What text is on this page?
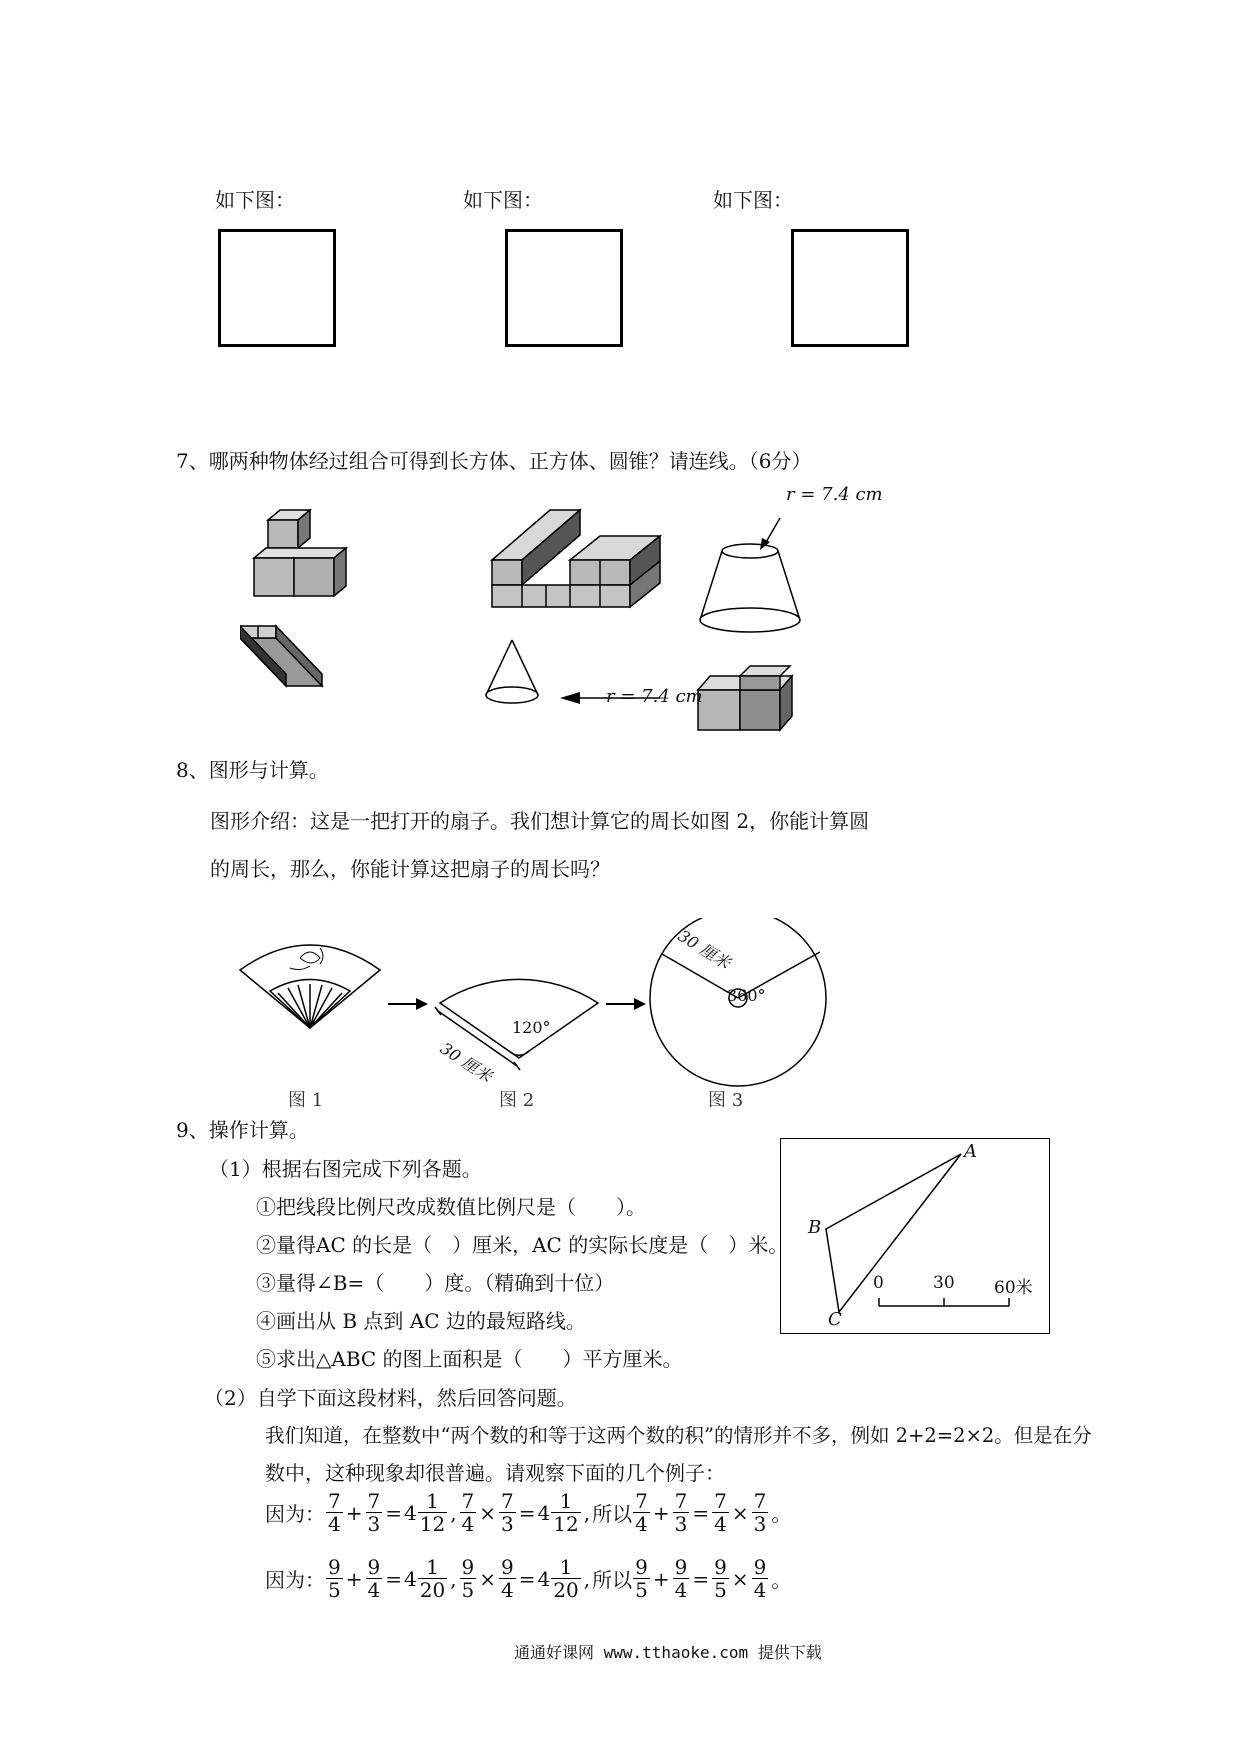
如下图：	如下图：	如下图：
7、哪两种物体经过组合可得到长方体、正方体、圆锥？请连线。（6分）
r = 7.4 cm
r = 7.4 cm
8、图形与计算。
图形介绍：这是一把打开的扇子。我们想计算它的周长如图 2，你能计算圆
的周长，那么，你能计算这把扇子的周长吗？
120°
30 厘米
30 厘米
360°
图 1	图 2	图 3
9、操作计算。
（1）根据右图完成下列各题。
①把线段比例尺改成数值比例尺是（　　）。
②量得AC 的长是（　）厘米，AC 的实际长度是（　）米。
③量得∠B=（　　）度。（精确到十位）
④画出从 B 点到 AC 边的最短路线。
⑤求出△ABC 的图上面积是（　　）平方厘米。
A
B
C
0	30 60米
（2）自学下面这段材料，然后回答问题。
我们知道，在整数中“两个数的和等于这两个数的积”的情形并不多，例如 2+2=2×2。但是在分
数中，这种现象却很普遍。请观察下面的几个例子：
因为： $\frac{7}{4} + \frac{7}{3} = 4 \frac{1}{12}$ , $\frac{7}{4} \times \frac{7}{3} = 4 \frac{1}{12}$ , 所以 $\frac{7}{4} + \frac{7}{3} = \frac{7}{4} \times \frac{7}{3}$ 。
因为： $\frac{9}{5} + \frac{9}{4} = 4 \frac{1}{20}$ , $\frac{9}{5} \times \frac{9}{4} = 4 \frac{1}{20}$ , 所以 $\frac{9}{5} + \frac{9}{4} = \frac{9}{5} \times \frac{9}{4}$ 。
通通好课网 www.tthaoke.com 提供下载
